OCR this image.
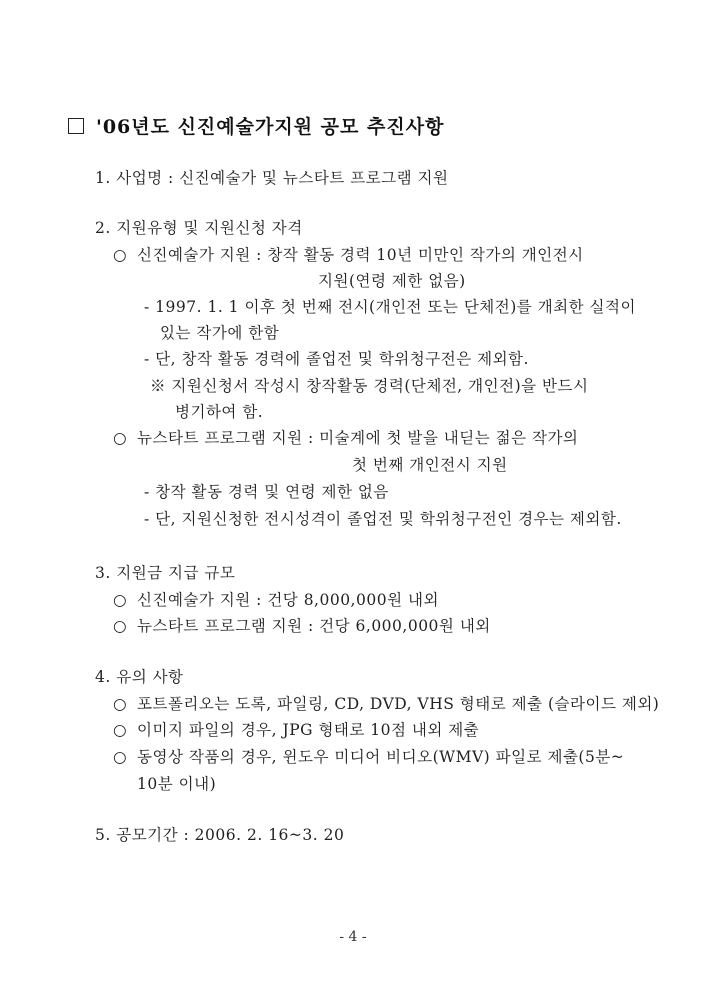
'06년도 신진예술가지원 공모 추진사항
1. 사업명 : 신진예술가 및 뉴스타트 프로그램 지원
2. 지원유형 및 지원신청 자격
○ 신진예술가 지원 : 창작 활동 경력 10년 미만인 작가의 개인전시
지원(연령 제한 없음)
- 1997. 1. 1 이후 첫 번째 전시(개인전 또는 단체전)를 개최한 실적이
있는 작가에 한함
- 단, 창작 활동 경력에 졸업전 및 학위청구전은 제외함.
※ 지원신청서 작성시 창작활동 경력(단체전, 개인전)을 반드시
병기하여 함.
○ 뉴스타트 프로그램 지원 : 미술계에 첫 발을 내딛는 젊은 작가의
첫 번째 개인전시 지원
- 창작 활동 경력 및 연령 제한 없음
- 단, 지원신청한 전시성격이 졸업전 및 학위청구전인 경우는 제외함.
3. 지원금 지급 규모
○ 신진예술가 지원 : 건당 8,000,000원 내외
○ 뉴스타트 프로그램 지원 : 건당 6,000,000원 내외
4. 유의 사항
○ 포트폴리오는 도록, 파일링, CD, DVD, VHS 형태로 제출 (슬라이드 제외)
○ 이미지 파일의 경우, JPG 형태로 10점 내외 제출
○ 동영상 작품의 경우, 윈도우 미디어 비디오(WMV) 파일로 제출(5분~
10분 이내)
5. 공모기간 : 2006. 2. 16~3. 20
- 4 -
